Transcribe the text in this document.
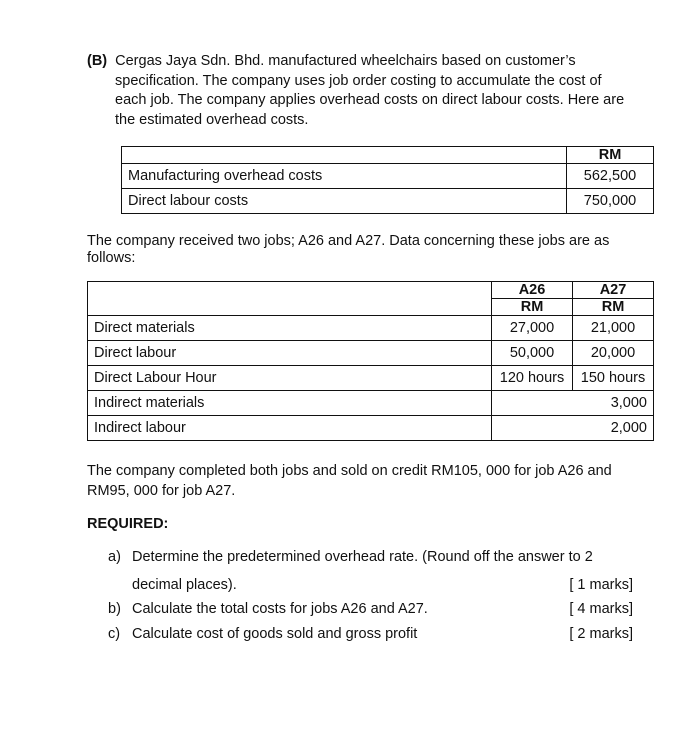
(B) Cergas Jaya Sdn. Bhd. manufactured wheelchairs based on customer’s
specification. The company uses job order costing to accumulate the cost of
each job. The company applies overhead costs on direct labour costs. Here are
the estimated overhead costs.
	RM
Manufacturing overhead costs	562,500
Direct labour costs	750,000

The company received two jobs; A26 and A27. Data concerning these jobs are as follows:

	A26	A27
	RM	RM
Direct materials	27,000	21,000
Direct labour	50,000	20,000
Direct Labour Hour	120 hours	150 hours
Indirect materials	3,000	
Indirect labour	2,000	

The company completed both jobs and sold on credit RM105, 000 for job A26 and RM95, 000 for job A27.

REQUIRED:

a) Determine the predetermined overhead rate. (Round off the answer to 2
decimal places).	[ 1 marks]
b) Calculate the total costs for jobs A26 and A27.	[ 4 marks]
c) Calculate cost of goods sold and gross profit	[ 2 marks]
